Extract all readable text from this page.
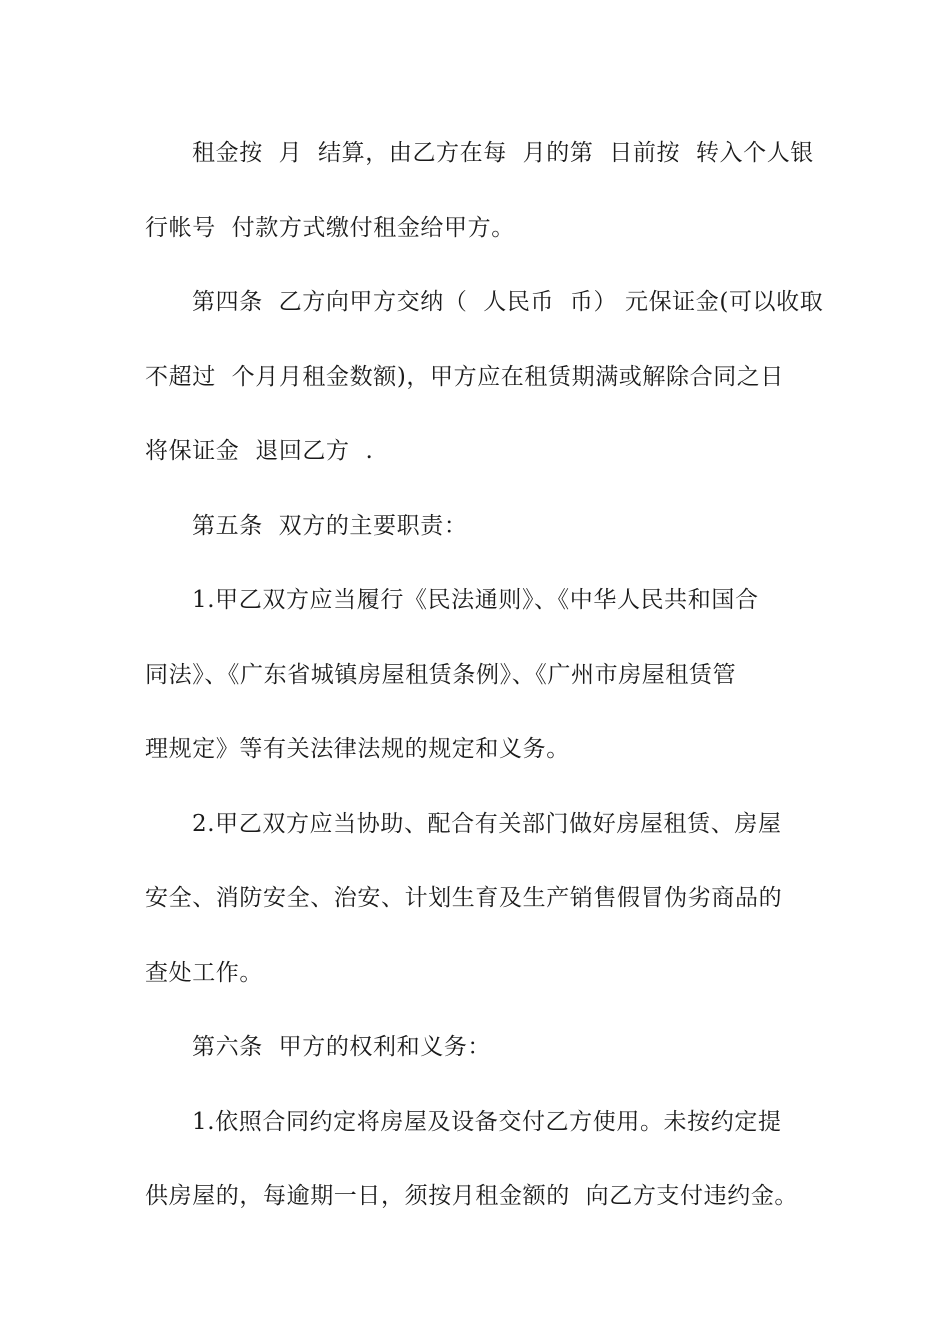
租金按  月  结算，由乙方在每  月的第  日前按  转入个人银
行帐号  付款方式缴付租金给甲方。
第四条  乙方向甲方交纳（  人民币  币） 元保证金(可以收取
不超过  个月月租金数额)，甲方应在租赁期满或解除合同之日
将保证金  退回乙方  .
第五条  双方的主要职责：
1.甲乙双方应当履行《民法通则》、《中华人民共和国合
同法》、《广东省城镇房屋租赁条例》、《广州市房屋租赁管
理规定》等有关法律法规的规定和义务。
2.甲乙双方应当协助、配合有关部门做好房屋租赁、房屋
安全、消防安全、治安、计划生育及生产销售假冒伪劣商品的
查处工作。
第六条  甲方的权利和义务：
1.依照合同约定将房屋及设备交付乙方使用。未按约定提
供房屋的，每逾期一日，须按月租金额的  向乙方支付违约金。
